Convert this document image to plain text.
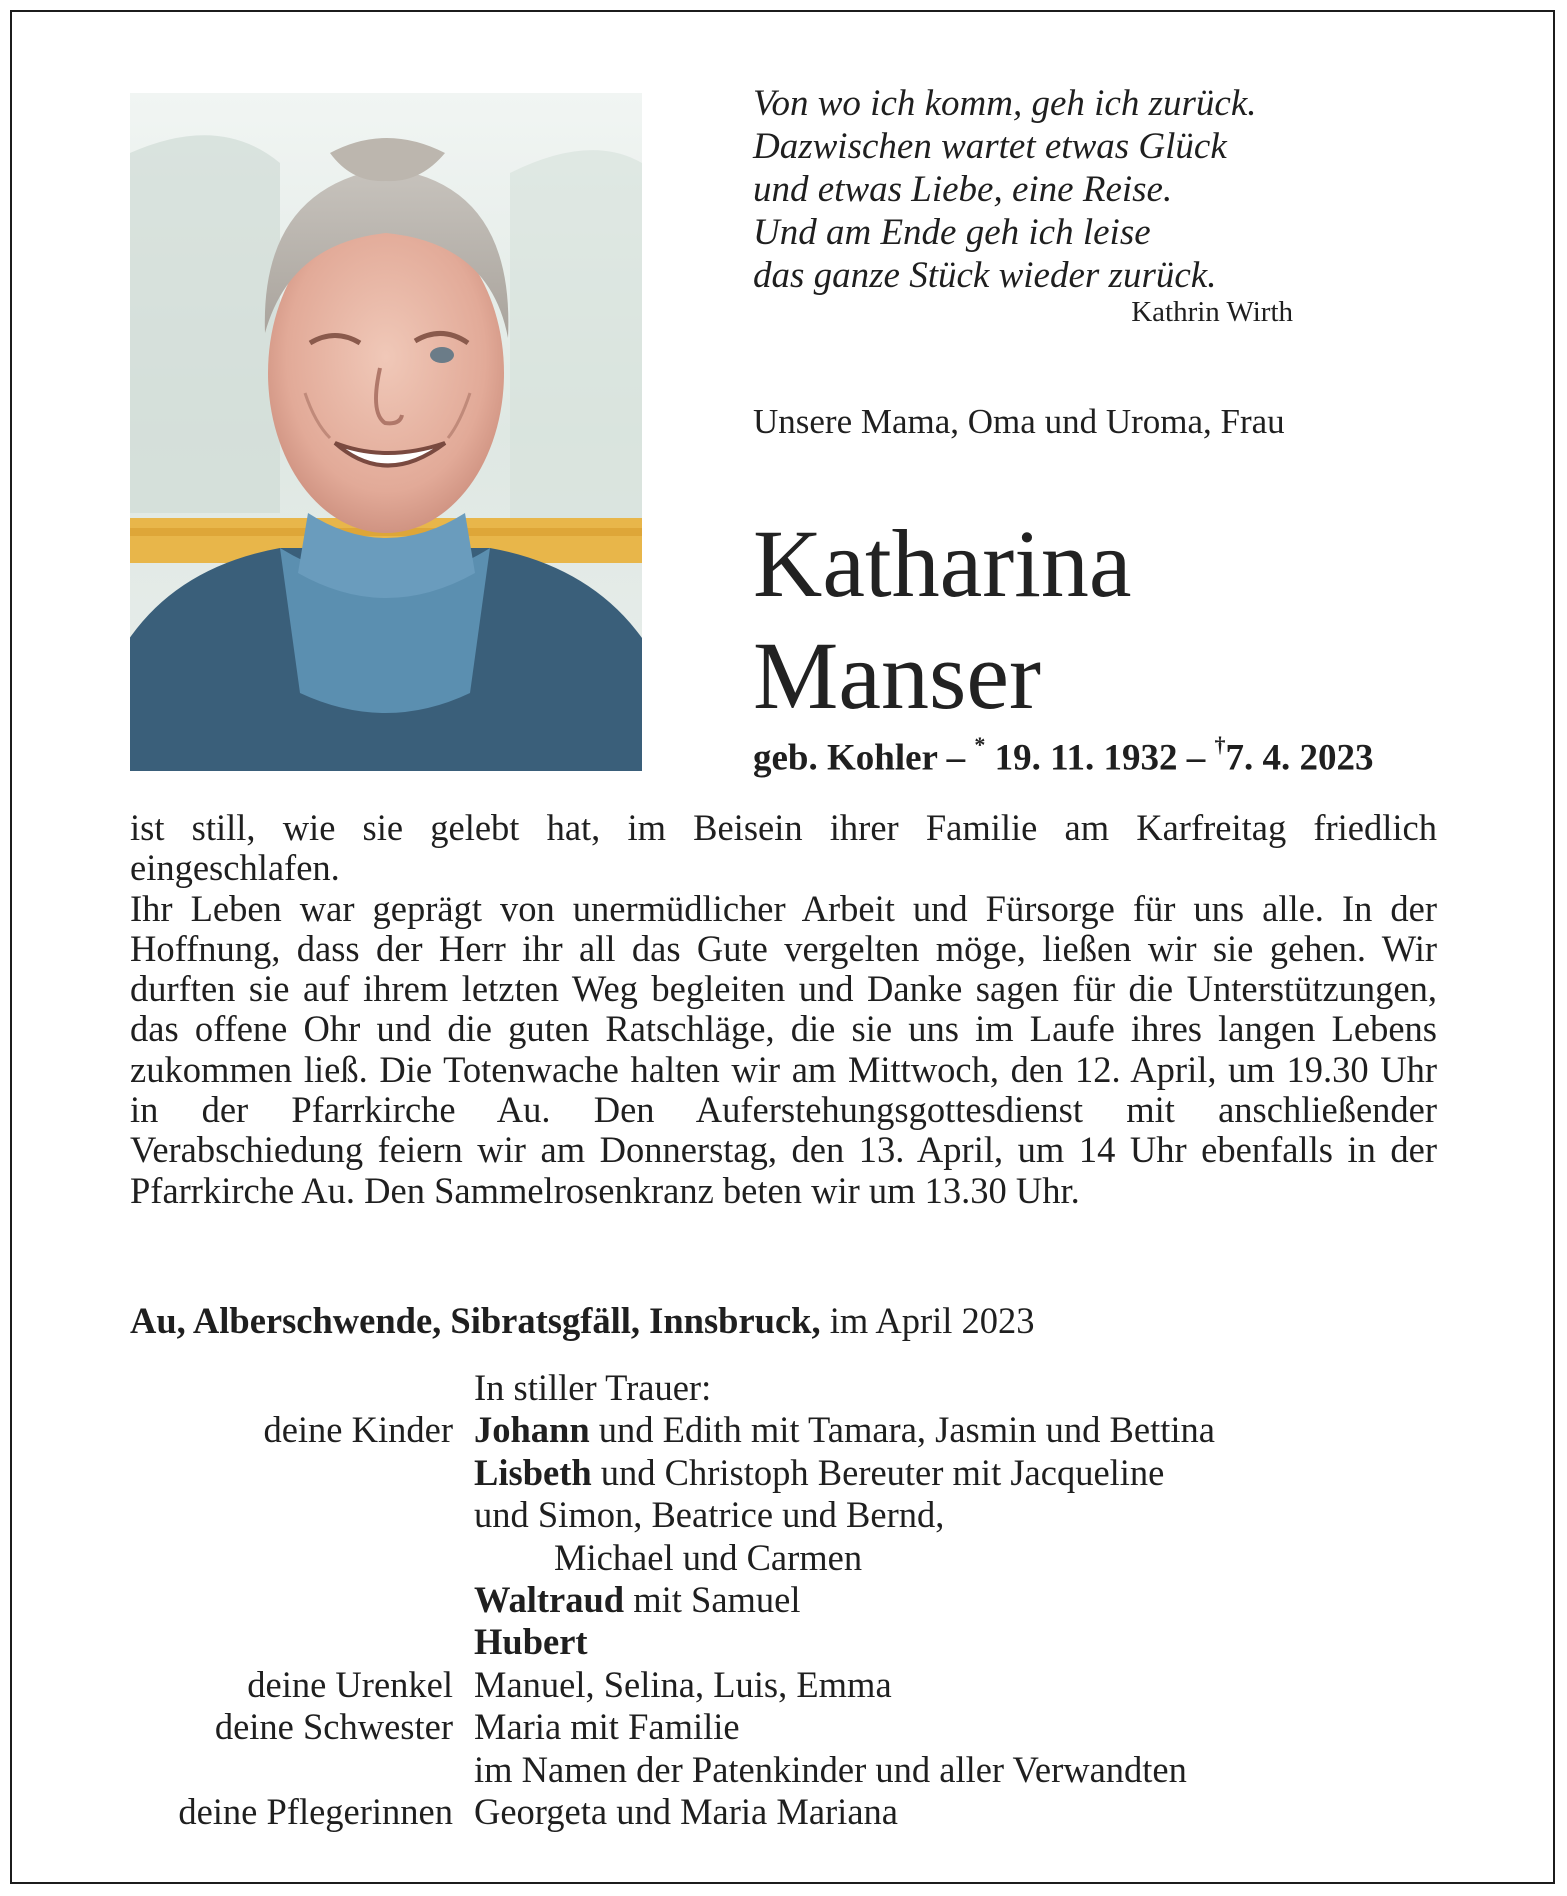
Von wo ich komm, geh ich zurück.
Dazwischen wartet etwas Glück
und etwas Liebe, eine Reise.
Und am Ende geh ich leise
das ganze Stück wieder zurück.
Kathrin Wirth
Unsere Mama, Oma und Uroma, Frau
Katharina
Manser
geb. Kohler – * 19. 11. 1932 – †7. 4. 2023

ist still, wie sie gelebt hat, im Beisein ihrer Familie am Karfreitag friedlich eingeschlafen.

Ihr Leben war geprägt von unermüdlicher Arbeit und Fürsorge für uns alle. In der Hoffnung, dass der Herr ihr all das Gute vergelten möge, ließen wir sie gehen. Wir durften sie auf ihrem letzten Weg begleiten und Danke sagen für die Unterstützungen, das offene Ohr und die guten Ratschläge, die sie uns im Laufe ihres langen Lebens zukommen ließ. Die Totenwache halten wir am Mittwoch, den 12. April, um 19.30 Uhr in der Pfarrkirche Au. Den Auferstehungsgottesdienst mit anschließender Verabschiedung feiern wir am Donnerstag, den 13. April, um 14 Uhr ebenfalls in der Pfarrkirche Au. Den Sammelrosenkranz beten wir um 13.30 Uhr.

Au, Alberschwende, Sibratsgfäll, Innsbruck, im April 2023
In stiller Trauer:
deine Kinder Johann und Edith mit Tamara, Jasmin und Bettina
Lisbeth und Christoph Bereuter mit Jacqueline
und Simon, Beatrice und Bernd,
Michael und Carmen
Waltraud mit Samuel
Hubert
deine Urenkel Manuel, Selina, Luis, Emma
deine Schwester Maria mit Familie
im Namen der Patenkinder und aller Verwandten
deine Pflegerinnen Georgeta und Maria Mariana
